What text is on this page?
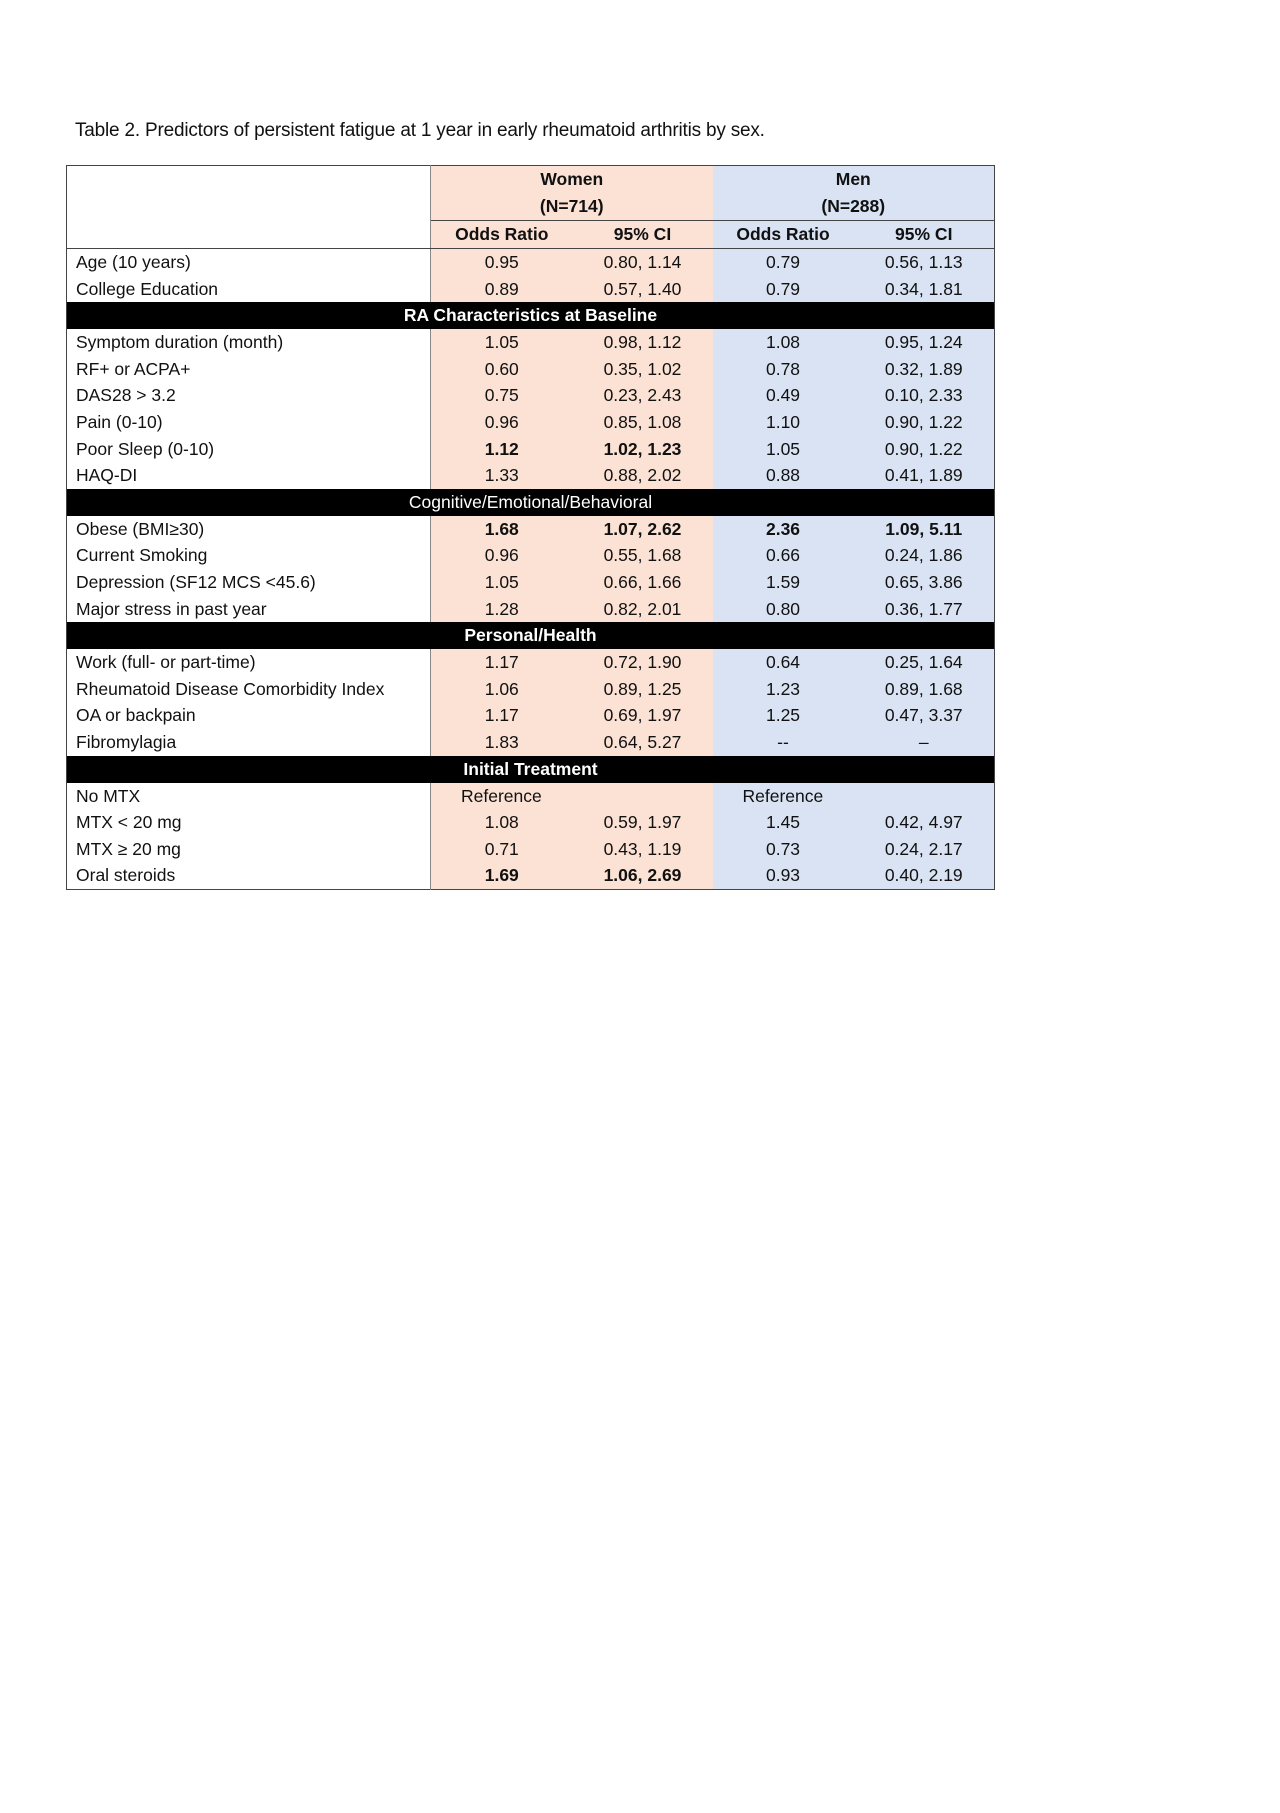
Table 2. Predictors of persistent fatigue at 1 year in early rheumatoid arthritis by sex.
	Women		Men	
	(N=714)		(N=288)	
	Odds Ratio	95% CI	Odds Ratio	95% CI
Age (10 years)	0.95	0.80, 1.14	0.79	0.56, 1.13
College Education	0.89	0.57, 1.40	0.79	0.34, 1.81
RA Characteristics at Baseline				
Symptom duration (month)	1.05	0.98, 1.12	1.08	0.95, 1.24
RF+ or ACPA+	0.60	0.35, 1.02	0.78	0.32, 1.89
DAS28 > 3.2	0.75	0.23, 2.43	0.49	0.10, 2.33
Pain (0-10)	0.96	0.85, 1.08	1.10	0.90, 1.22
Poor Sleep (0-10)	1.12	1.02, 1.23	1.05	0.90, 1.22
HAQ-DI	1.33	0.88, 2.02	0.88	0.41, 1.89
Cognitive/Emotional/Behavioral				
Obese (BMI≥30)	1.68	1.07, 2.62	2.36	1.09, 5.11
Current Smoking	0.96	0.55, 1.68	0.66	0.24, 1.86
Depression (SF12 MCS <45.6)	1.05	0.66, 1.66	1.59	0.65, 3.86
Major stress in past year	1.28	0.82, 2.01	0.80	0.36, 1.77
Personal/Health				
Work (full- or part-time)	1.17	0.72, 1.90	0.64	0.25, 1.64
Rheumatoid Disease Comorbidity Index	1.06	0.89, 1.25	1.23	0.89, 1.68
OA or backpain	1.17	0.69, 1.97	1.25	0.47, 3.37
Fibromylagia	1.83	0.64, 5.27	--	–
Initial Treatment				
No MTX	Reference		Reference	
MTX < 20 mg	1.08	0.59, 1.97	1.45	0.42, 4.97
MTX ≥ 20 mg	0.71	0.43, 1.19	0.73	0.24, 2.17
Oral steroids	1.69	1.06, 2.69	0.93	0.40, 2.19
